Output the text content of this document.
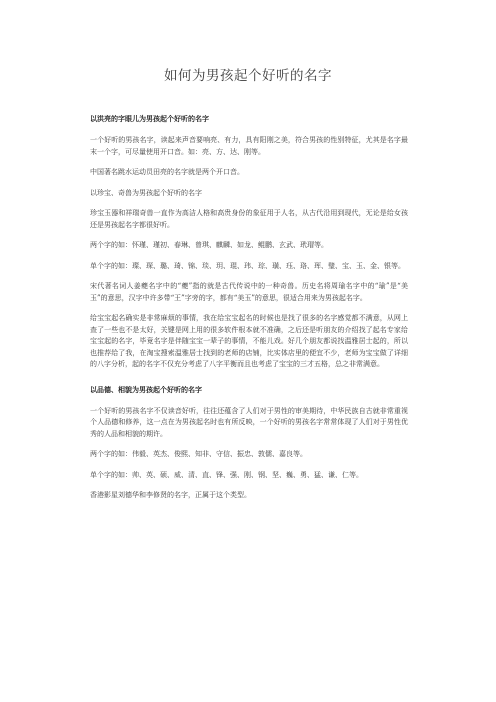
如何为男孩起个好听的名字
以洪亮的字眼儿为男孩起个好听的名字

一个好听的男孩名字，读起来声音要响亮、有力，具有阳刚之美，符合男孩的性别特征，尤其是名字最末一个字，可尽量使用开口音。如：亮、方、达、刚等。

中国著名跳水运动员田亮的名字就是两个开口音。

以珍宝、奇兽为男孩起个好听的名字

珍宝玉器和祥瑞奇兽一直作为高洁人格和高贵身份的象征用于人名，从古代沿用到现代，无论是给女孩还是男孩起名字都很好听。

两个字的如：怀瑾、瑾初、春琳、曾琪、麒麟、如龙、鲲鹏、玄武、玳瑁等。

单个字的如：璨、琛、璐、琦、锦、琰、玥、琨、玮、琮、璜、珏、珞、珲、璧、宝、玉、金、银等。

宋代著名词人姜夔名字中的“夔”指的就是古代传说中的一种奇兽。历史名将周瑜名字中的“瑜”是“美玉”的意思，汉字中许多带“王”字旁的字，都有“美玉”的意思，很适合用来为男孩起名字。

给宝宝起名确实是非常麻烦的事情，我在给宝宝起名的时候也是找了很多的名字感觉都不满意，从网上查了一些也不是太好，关键是网上用的很多软件根本就不准确，之后还是听朋友的介绍找了起名专家给宝宝起的名字，毕竟名字是伴随宝宝一辈子的事情，不能儿戏。好几个朋友都说找温雅居士起的，所以也推荐给了我，在淘宝搜索温雅居士找到的老师的店铺，比实体店里的便宜不少，老师为宝宝做了详细的八字分析，起的名字不仅充分考虑了八字平衡而且也考虑了宝宝的三才五格，总之非常满意。

以品德、相貌为男孩起个好听的名字

一个好听的男孩名字不仅读音好听，往往还蕴含了人们对于男性的审美期待，中华民族自古就非常重视个人品德和修养，这一点在为男孩起名时也有所反映，一个好听的男孩名字常常体现了人们对于男性优秀的人品和相貌的期许。

两个字的如：伟毅、英杰、俊熙、知非、守信、振忠、敦儒、嘉良等。

单个字的如：帅、英、硕、威、清、直、锋、强、刚、钢、坚、巍、勇、猛、谦、仁等。

香港影星刘德华和李修贤的名字，正属于这个类型。
